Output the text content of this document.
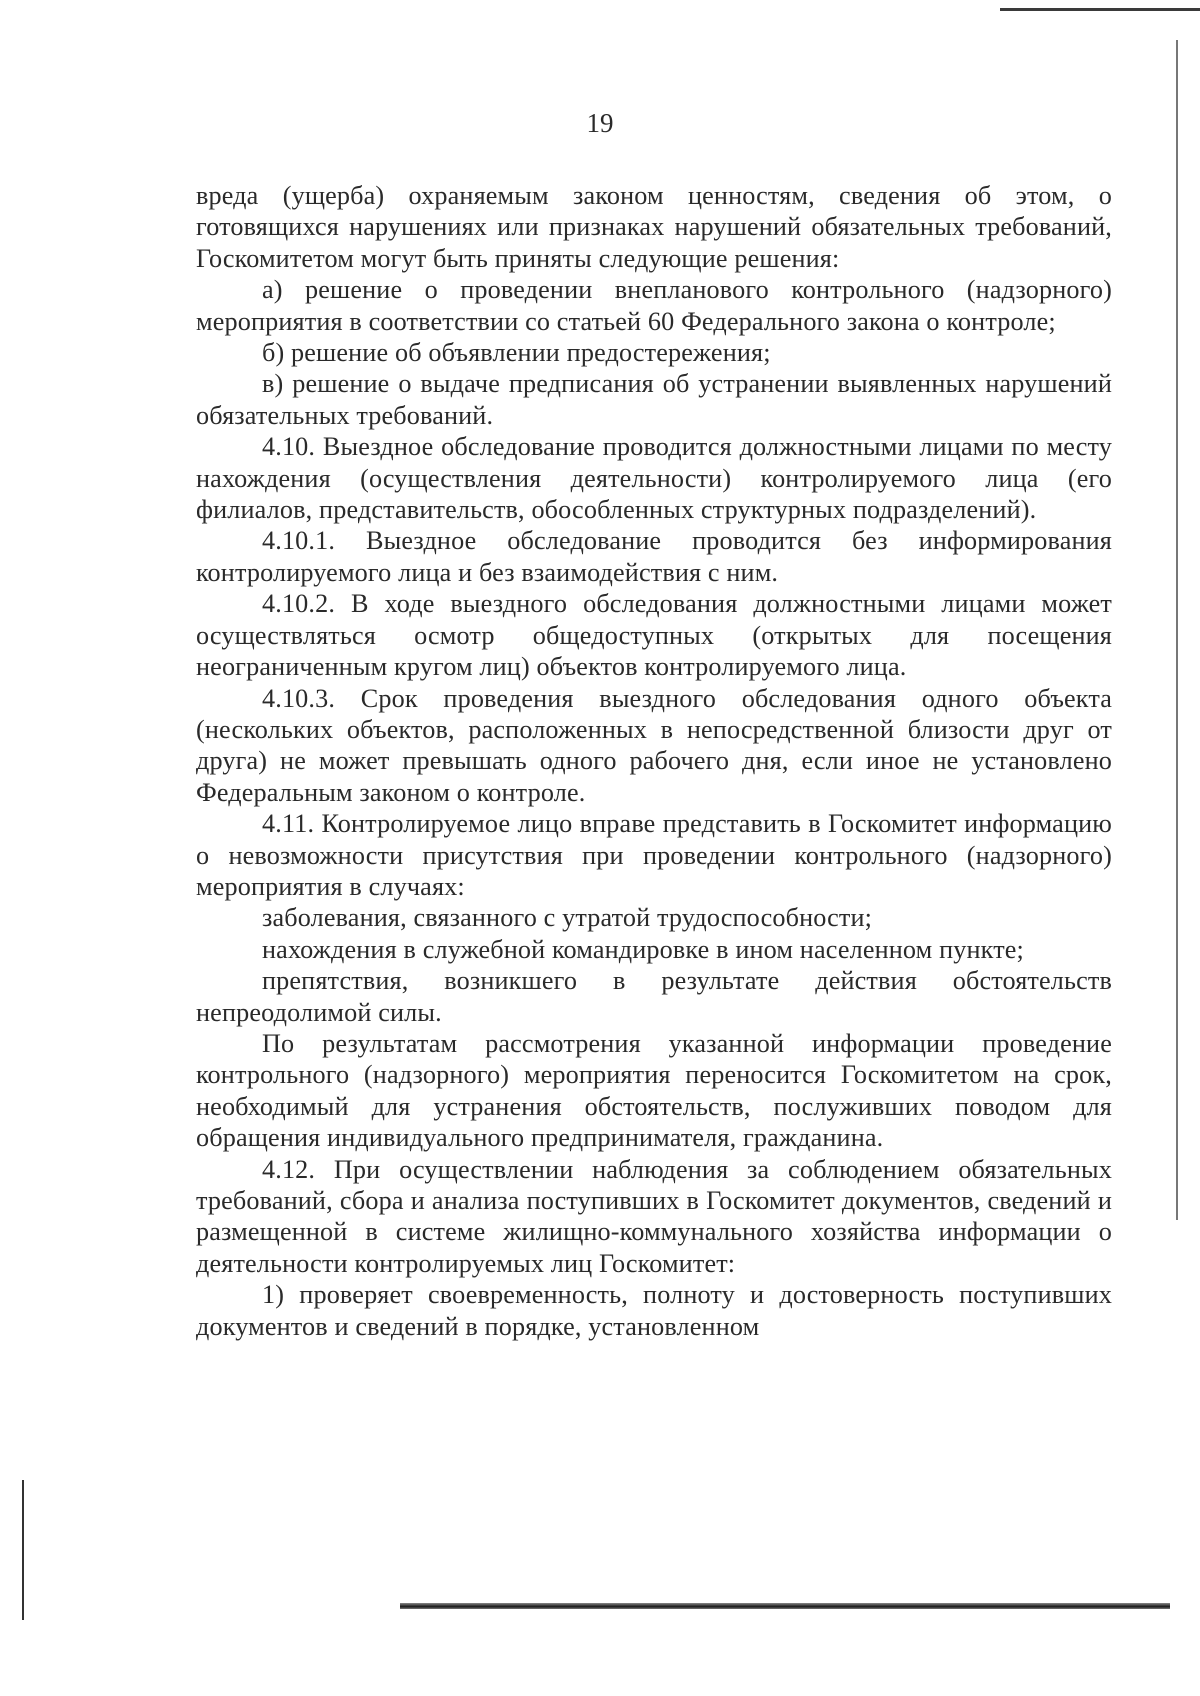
19

вреда (ущерба) охраняемым законом ценностям, сведения об этом, о готовящихся нарушениях или признаках нарушений обязательных требований, Госкомитетом могут быть приняты следующие решения:

а) решение о проведении внепланового контрольного (надзорного) мероприятия в соответствии со статьей 60 Федерального закона о контроле;

б) решение об объявлении предостережения;

в) решение о выдаче предписания об устранении выявленных нарушений обязательных требований.

4.10. Выездное обследование проводится должностными лицами по месту нахождения (осуществления деятельности) контролируемого лица (его филиалов, представительств, обособленных структурных подразделений).

4.10.1. Выездное обследование проводится без информирования контролируемого лица и без взаимодействия с ним.

4.10.2. В ходе выездного обследования должностными лицами может осуществляться осмотр общедоступных (открытых для посещения неограниченным кругом лиц) объектов контролируемого лица.

4.10.3. Срок проведения выездного обследования одного объекта (нескольких объектов, расположенных в непосредственной близости друг от друга) не может превышать одного рабочего дня, если иное не установлено Федеральным законом о контроле.

4.11. Контролируемое лицо вправе представить в Госкомитет информацию о невозможности присутствия при проведении контрольного (надзорного) мероприятия в случаях:

заболевания, связанного с утратой трудоспособности;

нахождения в служебной командировке в ином населенном пункте;

препятствия, возникшего в результате действия обстоятельств непреодолимой силы.

По результатам рассмотрения указанной информации проведение контрольного (надзорного) мероприятия переносится Госкомитетом на срок, необходимый для устранения обстоятельств, послуживших поводом для обращения индивидуального предпринимателя, гражданина.

4.12. При осуществлении наблюдения за соблюдением обязательных требований, сбора и анализа поступивших в Госкомитет документов, сведений и размещенной в системе жилищно-коммунального хозяйства информации о деятельности контролируемых лиц Госкомитет:

1) проверяет своевременность, полноту и достоверность поступивших документов и сведений в порядке, установленном
